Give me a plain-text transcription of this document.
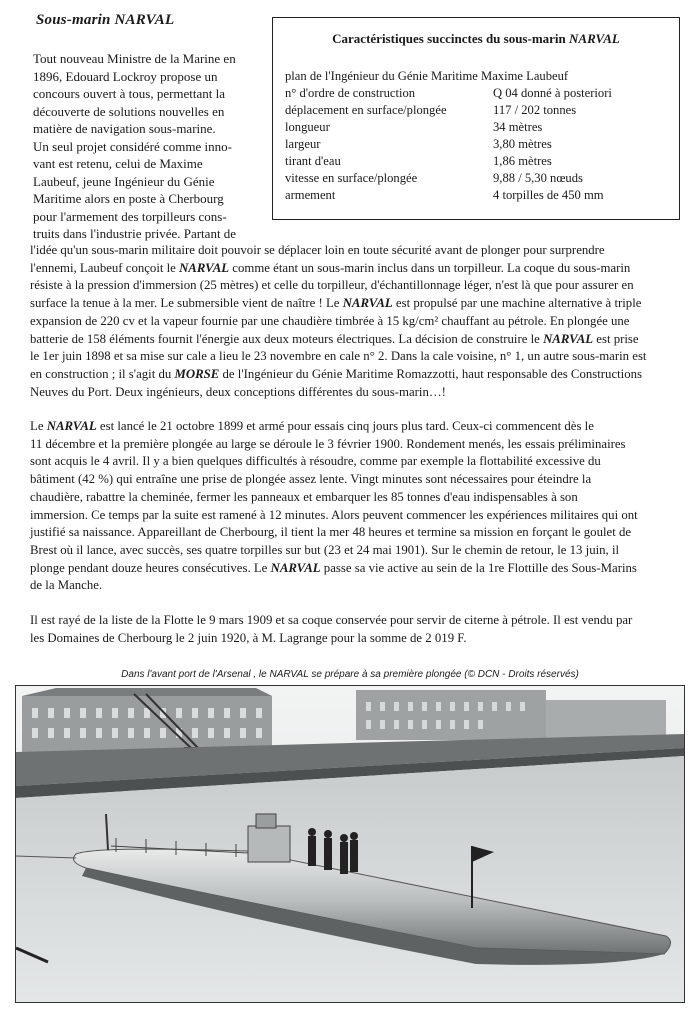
Sous-marin NARVAL
Caractéristiques succinctes du sous-marin NARVAL
plan de l'Ingénieur du Génie Maritime Maxime Laubeuf
n° d'ordre de construction	Q 04 donné à posteriori
déplacement en surface/plongée	117 / 202 tonnes
longueur	34 mètres
largeur	3,80 mètres
tirant d'eau	1,86 mètres
vitesse en surface/plongée	9,88 / 5,30 nœuds
armement	4 torpilles de 450 mm
Tout nouveau Ministre de la Marine en
1896, Edouard Lockroy propose un
concours ouvert à tous, permettant la
découverte de solutions nouvelles en
matière de navigation sous-marine.
Un seul projet considéré comme inno-
vant est retenu, celui de Maxime
Laubeuf, jeune Ingénieur du Génie
Maritime alors en poste à Cherbourg
pour l'armement des torpilleurs cons-
truits dans l'industrie privée. Partant de
l'idée qu'un sous-marin militaire doit pouvoir se déplacer loin en toute sécurité avant de plonger pour surprendre
l'ennemi, Laubeuf conçoit le NARVAL comme étant un sous-marin inclus dans un torpilleur. La coque du sous-marin
résiste à la pression d'immersion (25 mètres) et celle du torpilleur, d'échantillonnage léger, n'est là que pour assurer en
surface la tenue à la mer. Le submersible vient de naître ! Le NARVAL est propulsé par une machine alternative à triple
expansion de 220 cv et la vapeur fournie par une chaudière timbrée à 15 kg/cm² chauffant au pétrole. En plongée une
batterie de 158 éléments fournit l'énergie aux deux moteurs électriques. La décision de construire le NARVAL est prise
le 1er juin 1898 et sa mise sur cale a lieu le 23 novembre en cale n° 2. Dans la cale voisine, n° 1, un autre sous-marin est
en construction ; il s'agit du MORSE de l'Ingénieur du Génie Maritime Romazzotti, haut responsable des Constructions
Neuves du Port. Deux ingénieurs, deux conceptions différentes du sous-marin…!
Le NARVAL est lancé le 21 octobre 1899 et armé pour essais cinq jours plus tard. Ceux-ci commencent dès le
11 décembre et la première plongée au large se déroule le 3 février 1900. Rondement menés, les essais préliminaires
sont acquis le 4 avril. Il y a bien quelques difficultés à résoudre, comme par exemple la flottabilité excessive du
bâtiment (42 %) qui entraîne une prise de plongée assez lente. Vingt minutes sont nécessaires pour éteindre la
chaudière, rabattre la cheminée, fermer les panneaux et embarquer les 85 tonnes d'eau indispensables à son
immersion. Ce temps par la suite est ramené à 12 minutes. Alors peuvent commencer les expériences militaires qui ont
justifié sa naissance. Appareillant de Cherbourg, il tient la mer 48 heures et termine sa mission en forçant le goulet de
Brest où il lance, avec succès, ses quatre torpilles sur but (23 et 24 mai 1901). Sur le chemin de retour, le 13 juin, il
plonge pendant douze heures consécutives. Le NARVAL passe sa vie active au sein de la 1re Flottille des Sous-Marins
de la Manche.
Il est rayé de la liste de la Flotte le 9 mars 1909 et sa coque conservée pour servir de citerne à pétrole. Il est vendu par
les Domaines de Cherbourg le 2 juin 1920, à M. Lagrange pour la somme de 2 019 F.
Dans l'avant port de l'Arsenal , le NARVAL se prépare à sa première plongée (© DCN - Droits réservés)
